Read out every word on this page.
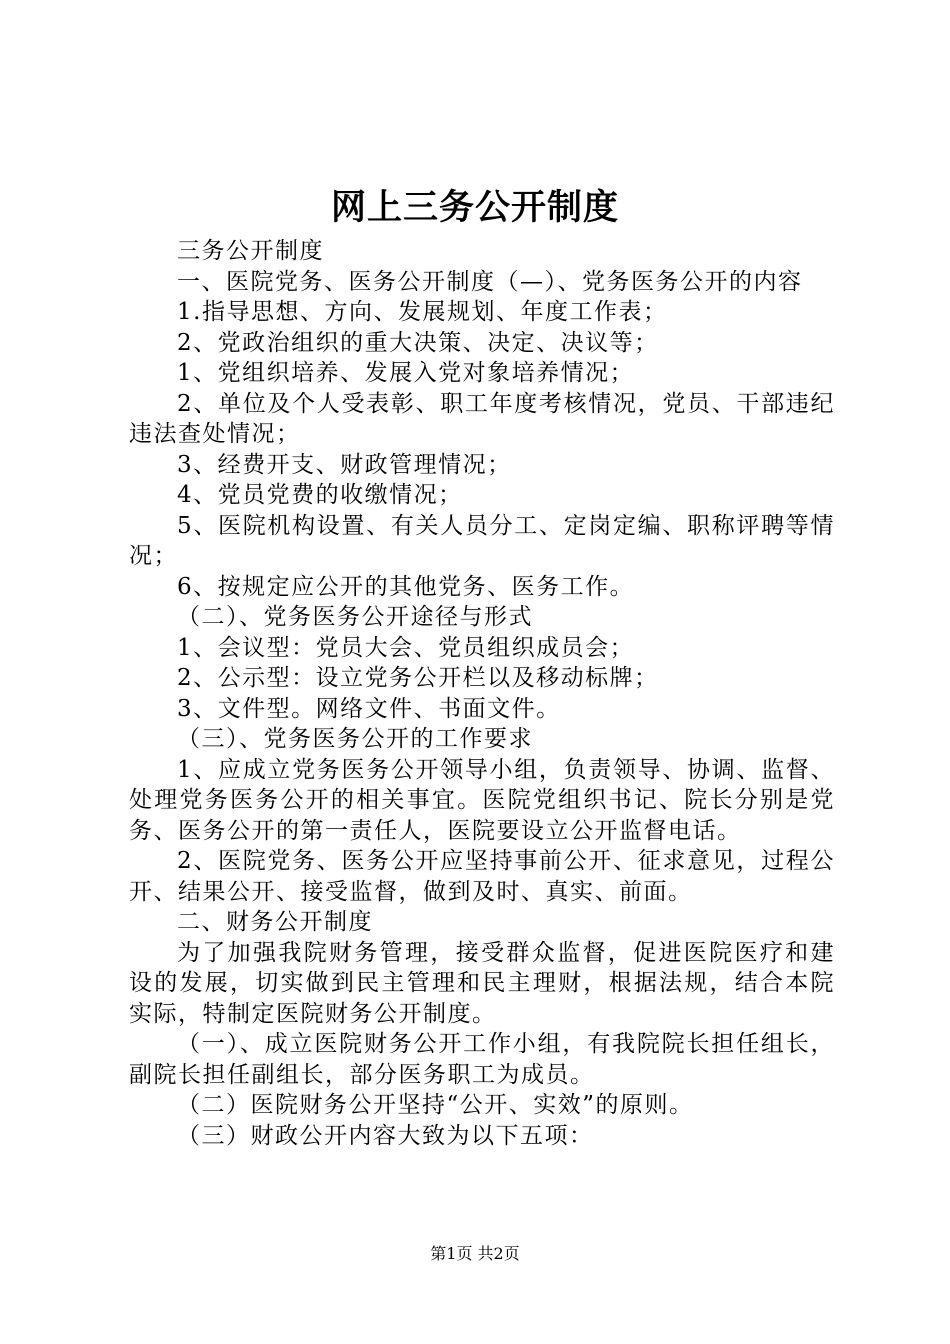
网上三务公开制度

三务公开制度

一、医院党务、医务公开制度（—）、党务医务公开的内容

1.指导思想、方向、发展规划、年度工作表；

2、党政治组织的重大决策、决定、决议等；

1、党组织培养、发展入党对象培养情况；

2、单位及个人受表彰、职工年度考核情况，党员、干部违纪违法查处情况；

3、经费开支、财政管理情况；

4、党员党费的收缴情况；

5、医院机构设置、有关人员分工、定岗定编、职称评聘等情况；

6、按规定应公开的其他党务、医务工作。

（二）、党务医务公开途径与形式

1、会议型：党员大会、党员组织成员会；

2、公示型：设立党务公开栏以及移动标牌；

3、文件型。网络文件、书面文件。

（三）、党务医务公开的工作要求

1、应成立党务医务公开领导小组，负责领导、协调、监督、处理党务医务公开的相关事宜。医院党组织书记、院长分别是党务、医务公开的第一责任人，医院要设立公开监督电话。

2、医院党务、医务公开应坚持事前公开、征求意见，过程公开、结果公开、接受监督，做到及时、真实、前面。

二、财务公开制度

为了加强我院财务管理，接受群众监督，促进医院医疗和建设的发展，切实做到民主管理和民主理财，根据法规，结合本院实际，特制定医院财务公开制度。

（一）、成立医院财务公开工作小组，有我院院长担任组长，副院长担任副组长，部分医务职工为成员。

（二）医院财务公开坚持“公开、实效”的原则。

（三）财政公开内容大致为以下五项：

第1页 共2页
